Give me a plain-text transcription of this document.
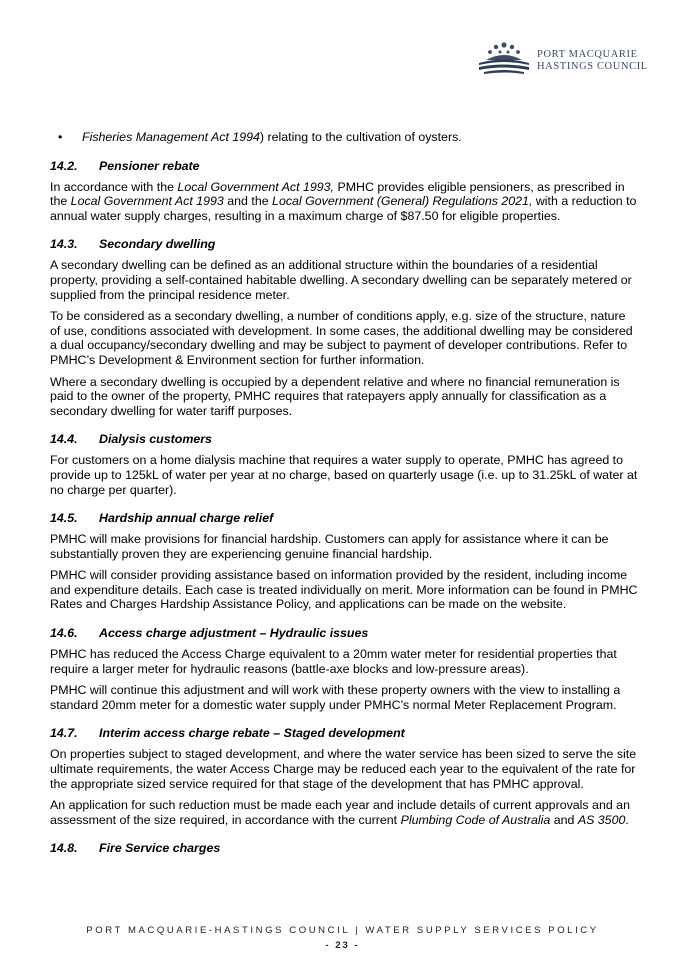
PORT MACQUARIE
HASTINGS COUNCIL
• Fisheries Management Act 1994) relating to the cultivation of oysters.
14.2. Pensioner rebate

In accordance with the Local Government Act 1993, PMHC provides eligible pensioners, as prescribed in the Local Government Act 1993 and the Local Government (General) Regulations 2021, with a reduction to annual water supply charges, resulting in a maximum charge of $87.50 for eligible properties.

14.3. Secondary dwelling

A secondary dwelling can be defined as an additional structure within the boundaries of a residential property, providing a self-contained habitable dwelling. A secondary dwelling can be separately metered or supplied from the principal residence meter.

To be considered as a secondary dwelling, a number of conditions apply, e.g. size of the structure, nature of use, conditions associated with development. In some cases, the additional dwelling may be considered a dual occupancy/secondary dwelling and may be subject to payment of developer contributions. Refer to PMHC’s Development & Environment section for further information.

Where a secondary dwelling is occupied by a dependent relative and where no financial remuneration is paid to the owner of the property, PMHC requires that ratepayers apply annually for classification as a secondary dwelling for water tariff purposes.

14.4. Dialysis customers

For customers on a home dialysis machine that requires a water supply to operate, PMHC has agreed to provide up to 125kL of water per year at no charge, based on quarterly usage (i.e. up to 31.25kL of water at no charge per quarter).

14.5. Hardship annual charge relief

PMHC will make provisions for financial hardship. Customers can apply for assistance where it can be substantially proven they are experiencing genuine financial hardship.

PMHC will consider providing assistance based on information provided by the resident, including income and expenditure details. Each case is treated individually on merit. More information can be found in PMHC Rates and Charges Hardship Assistance Policy, and applications can be made on the website.

14.6. Access charge adjustment – Hydraulic issues

PMHC has reduced the Access Charge equivalent to a 20mm water meter for residential properties that require a larger meter for hydraulic reasons (battle-axe blocks and low-pressure areas).

PMHC will continue this adjustment and will work with these property owners with the view to installing a standard 20mm meter for a domestic water supply under PMHC’s normal Meter Replacement Program.

14.7. Interim access charge rebate – Staged development

On properties subject to staged development, and where the water service has been sized to serve the site ultimate requirements, the water Access Charge may be reduced each year to the equivalent of the rate for the appropriate sized service required for that stage of the development that has PMHC approval.

An application for such reduction must be made each year and include details of current approvals and an assessment of the size required, in accordance with the current Plumbing Code of Australia and AS 3500.

14.8. Fire Service charges
PORT MACQUARIE-HASTINGS COUNCIL | WATER SUPPLY SERVICES POLICY
- 23 -
